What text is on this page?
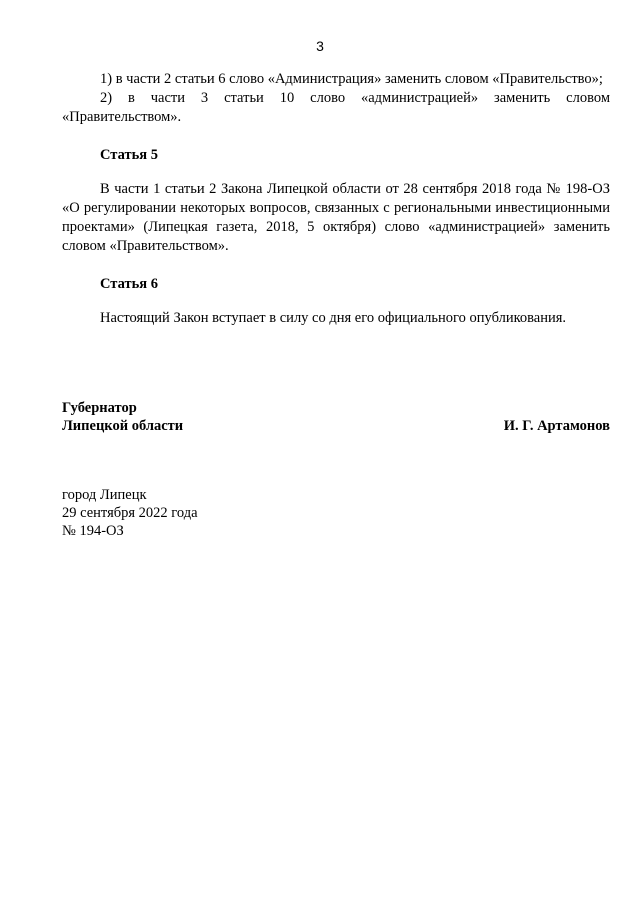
3

1) в части 2 статьи 6 слово «Администрация» заменить словом «Правительство»;

2) в части 3 статьи 10 слово «администрацией» заменить словом «Правительством».

Статья 5

В части 1 статьи 2 Закона Липецкой области от 28 сентября 2018 года № 198-ОЗ «О регулировании некоторых вопросов, связанных с региональными инвестиционными проектами» (Липецкая газета, 2018, 5 октября) слово «администрацией» заменить словом «Правительством».

Статья 6

Настоящий Закон вступает в силу со дня его официального опубликования.

Губернатор
Липецкой области	И. Г. Артамонов
город Липецк
29 сентября 2022 года
№ 194-ОЗ
